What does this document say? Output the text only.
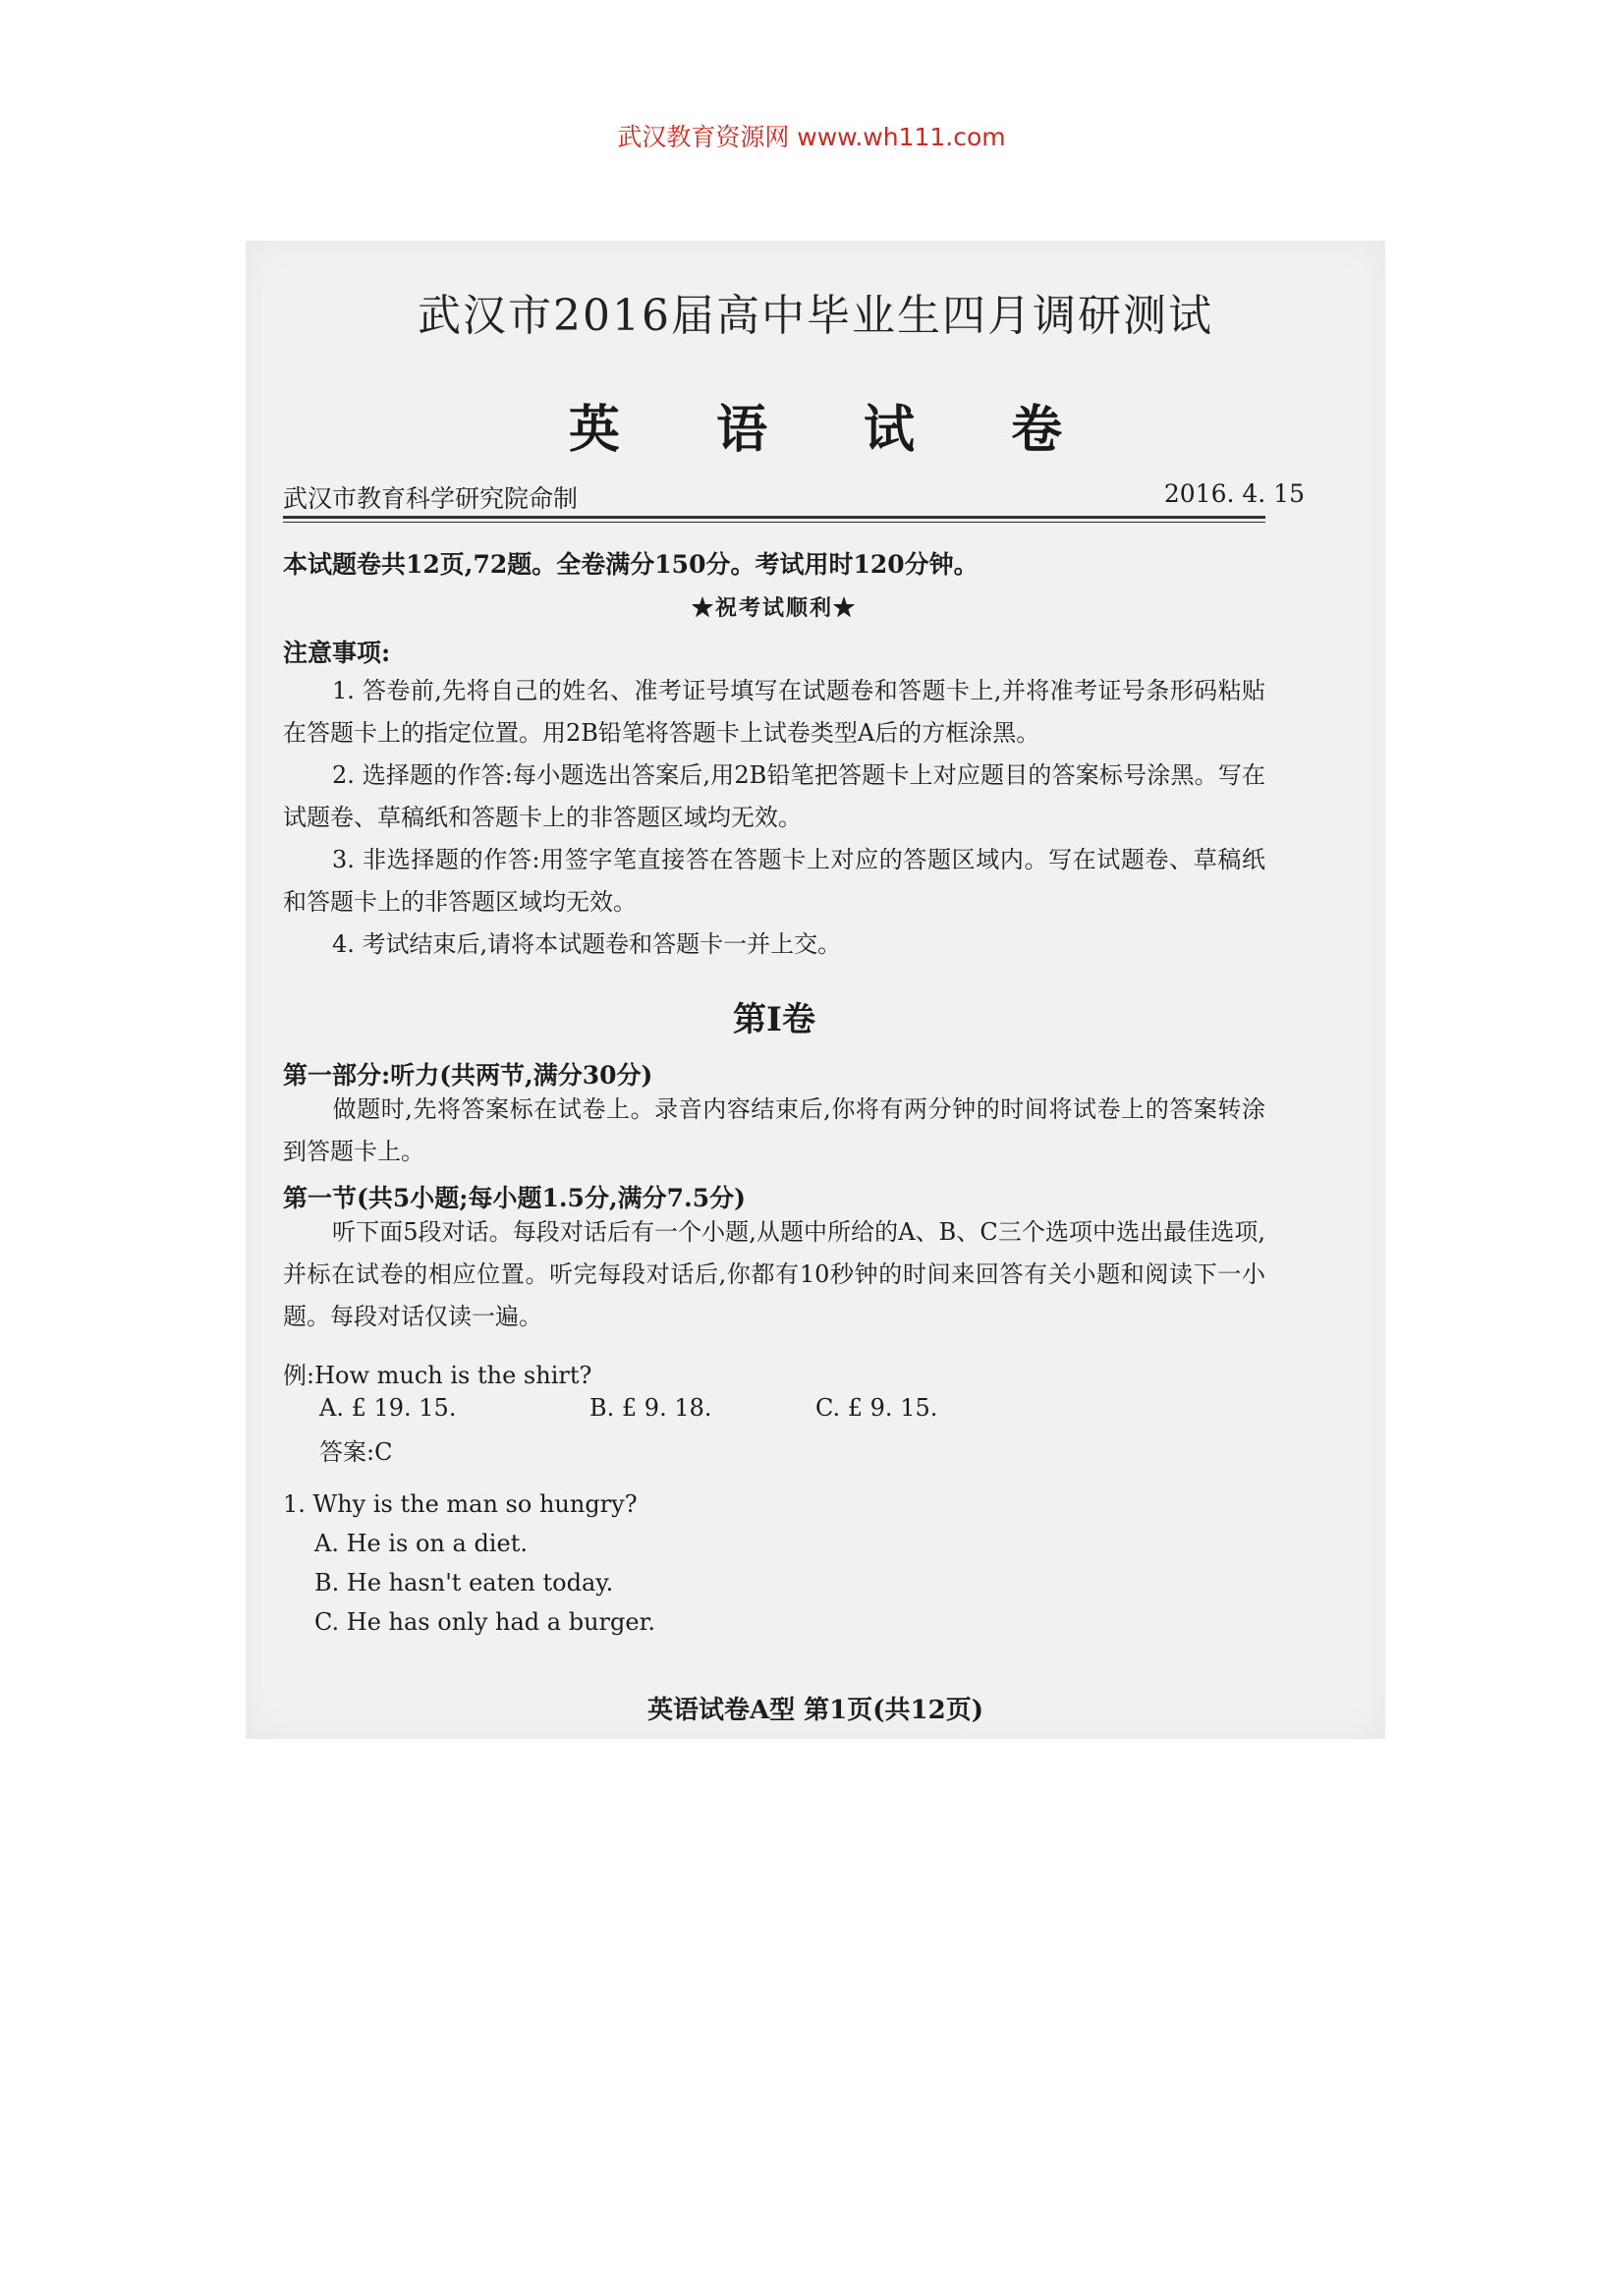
武汉教育资源网 www.wh111.com
武汉市2016届高中毕业生四月调研测试
英 语 试 卷
武汉市教育科学研究院命制	2016. 4. 15
本试题卷共12页,72题。全卷满分150分。考试用时120分钟。
★祝考试顺利★
注意事项:
1. 答卷前,先将自己的姓名、准考证号填写在试题卷和答题卡上,并将准考证号条形码粘贴在答题卡上的指定位置。用2B铅笔将答题卡上试卷类型A后的方框涂黑。
2. 选择题的作答:每小题选出答案后,用2B铅笔把答题卡上对应题目的答案标号涂黑。写在试题卷、草稿纸和答题卡上的非答题区域均无效。
3. 非选择题的作答:用签字笔直接答在答题卡上对应的答题区域内。写在试题卷、草稿纸和答题卡上的非答题区域均无效。
4. 考试结束后,请将本试题卷和答题卡一并上交。
第Ⅰ卷
第一部分:听力(共两节,满分30分)
做题时,先将答案标在试卷上。录音内容结束后,你将有两分钟的时间将试卷上的答案转涂到答题卡上。
第一节(共5小题;每小题1.5分,满分7.5分)
听下面5段对话。每段对话后有一个小题,从题中所给的A、B、C三个选项中选出最佳选项,并标在试卷的相应位置。听完每段对话后,你都有10秒钟的时间来回答有关小题和阅读下一小题。每段对话仅读一遍。
例:How much is the shirt?
A. £ 19. 15.	B. £ 9. 18.	C. £ 9. 15.
答案:C
1. Why is the man so hungry?
A. He is on a diet.
B. He hasn't eaten today.
C. He has only had a burger.
英语试卷A型 第1页(共12页)
